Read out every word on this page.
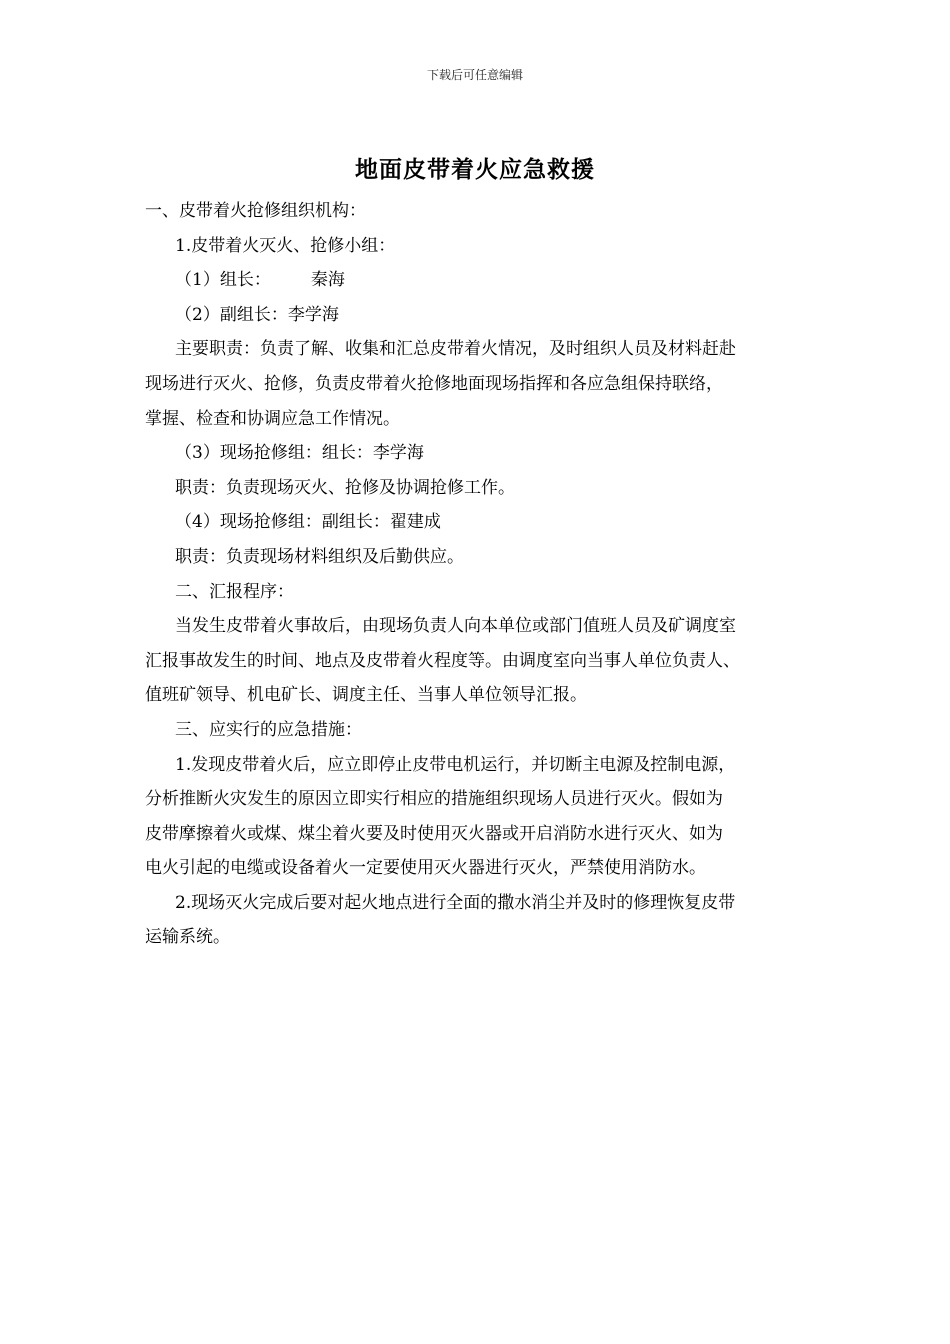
下载后可任意编辑
地面皮带着火应急救援
一、皮带着火抢修组织机构：
1.皮带着火灭火、抢修小组：
（1）组长： 秦海
（2）副组长：李学海
主要职责：负责了解、收集和汇总皮带着火情况，及时组织人员及材料赶赴
现场进行灭火、抢修，负责皮带着火抢修地面现场指挥和各应急组保持联络，
掌握、检查和协调应急工作情况。
（3）现场抢修组：组长：李学海
职责：负责现场灭火、抢修及协调抢修工作。
（4）现场抢修组：副组长：翟建成
职责：负责现场材料组织及后勤供应。
二、汇报程序：
当发生皮带着火事故后，由现场负责人向本单位或部门值班人员及矿调度室
汇报事故发生的时间、地点及皮带着火程度等。由调度室向当事人单位负责人、
值班矿领导、机电矿长、调度主任、当事人单位领导汇报。
三、应实行的应急措施：
1.发现皮带着火后，应立即停止皮带电机运行，并切断主电源及控制电源，
分析推断火灾发生的原因立即实行相应的措施组织现场人员进行灭火。假如为
皮带摩擦着火或煤、煤尘着火要及时使用灭火器或开启消防水进行灭火、如为
电火引起的电缆或设备着火一定要使用灭火器进行灭火，严禁使用消防水。
2.现场灭火完成后要对起火地点进行全面的撒水消尘并及时的修理恢复皮带
运输系统。
